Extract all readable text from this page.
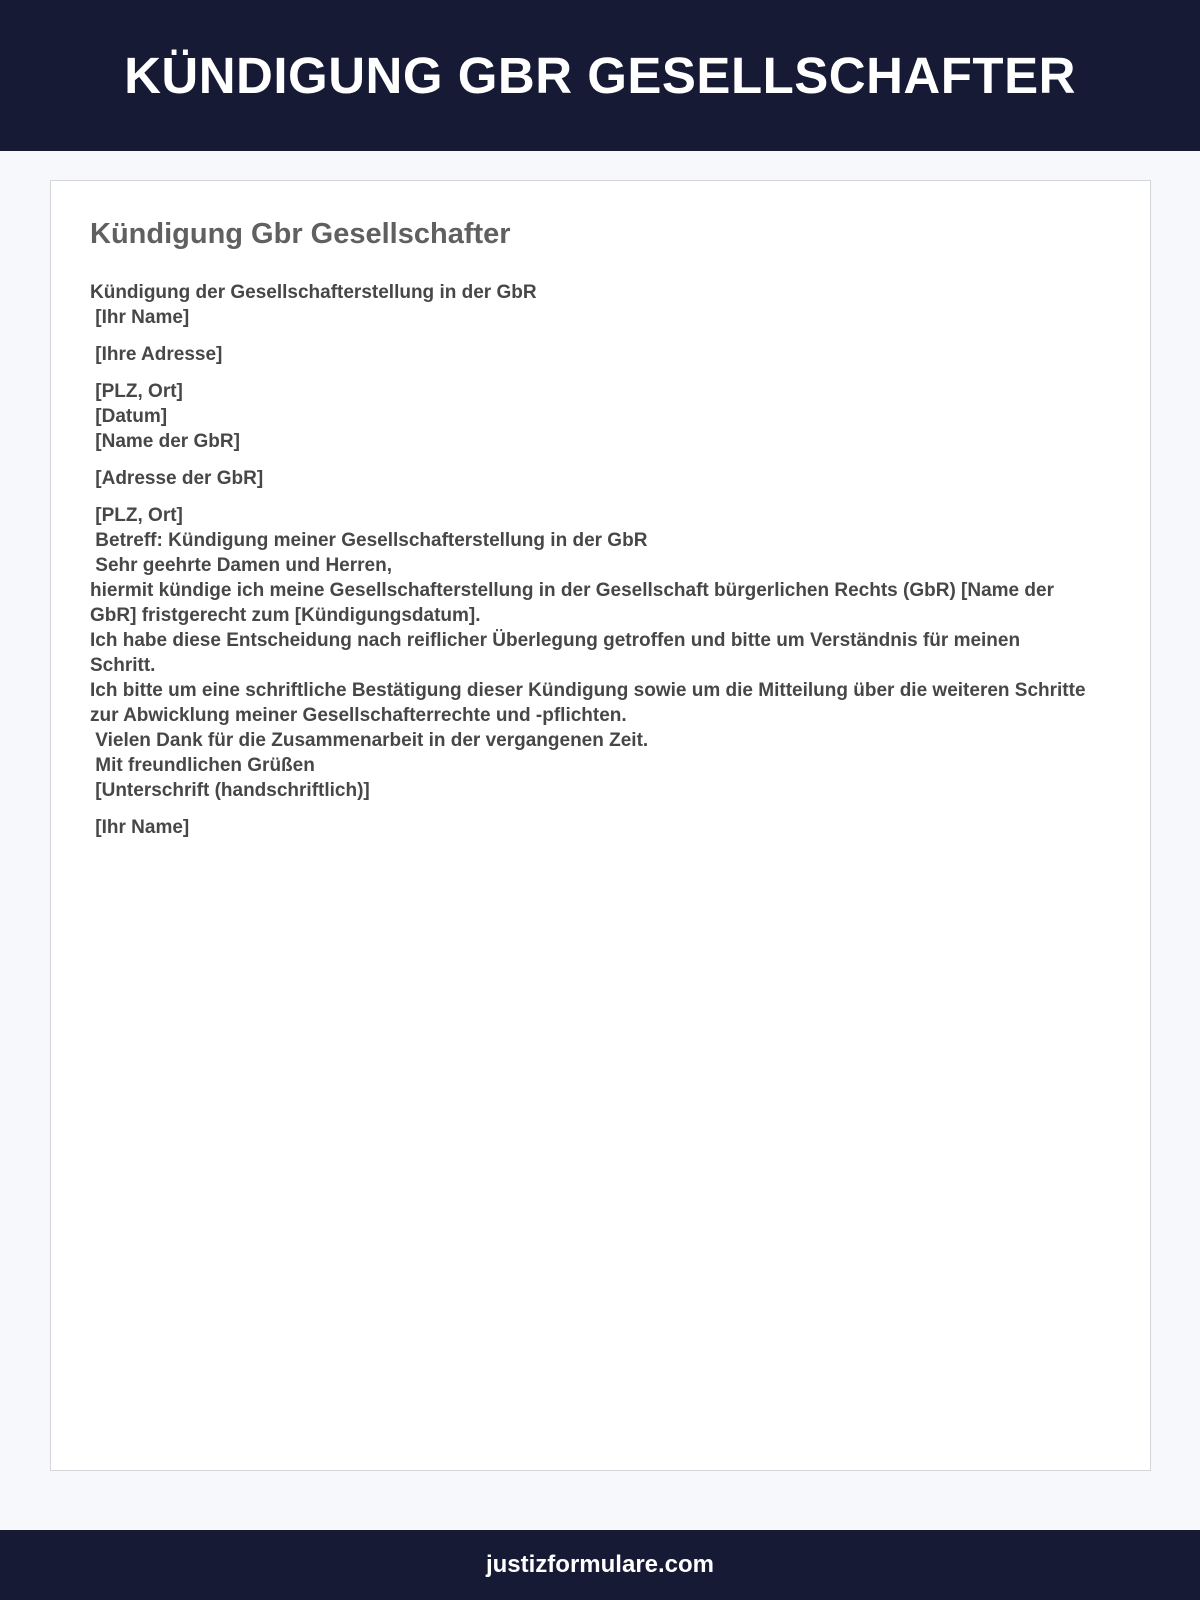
KÜNDIGUNG GBR GESELLSCHAFTER
Kündigung Gbr Gesellschafter
Kündigung der Gesellschafterstellung in der GbR
[Ihr Name]
[Ihre Adresse]
[PLZ, Ort]
[Datum]
[Name der GbR]
[Adresse der GbR]
[PLZ, Ort]
Betreff: Kündigung meiner Gesellschafterstellung in der GbR
Sehr geehrte Damen und Herren,
hiermit kündige ich meine Gesellschafterstellung in der Gesellschaft bürgerlichen Rechts (GbR) [Name der GbR] fristgerecht zum [Kündigungsdatum].
Ich habe diese Entscheidung nach reiflicher Überlegung getroffen und bitte um Verständnis für meinen Schritt.
Ich bitte um eine schriftliche Bestätigung dieser Kündigung sowie um die Mitteilung über die weiteren Schritte zur Abwicklung meiner Gesellschafterrechte und -pflichten.
Vielen Dank für die Zusammenarbeit in der vergangenen Zeit.
Mit freundlichen Grüßen
[Unterschrift (handschriftlich)]
[Ihr Name]
justizformulare.com
